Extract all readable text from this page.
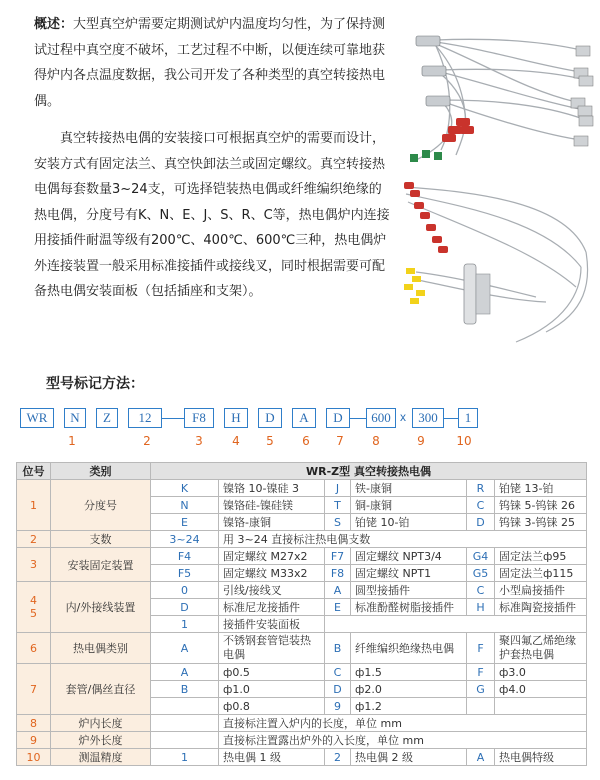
概述：大型真空炉需要定期测试炉内温度均匀性，为了保持测试过程中真空度不破坏，工艺过程不中断，以便连续可靠地获得炉内各点温度数据，我公司开发了各种类型的真空转接热电偶。

真空转接热电偶的安装接口可根据真空炉的需要而设计，安装方式有固定法兰、真空快卸法兰或固定螺纹。真空转接热电偶每套数量3~24支，可选择铠装热电偶或纤维编织绝缘的热电偶，分度号有K、N、E、J、S、R、C等，热电偶炉内连接用接插件耐温等级有200℃、400℃、600℃三种，热电偶炉外连接装置一般采用标准接插件或接线叉，同时根据需要可配备热电偶安装面板（包括插座和支架）。

型号标记方法：
WR	N	Z	12	F8	H	D	A	D	600 x 300	1
1	2	3	4	5	6	7	8	9	10
位号	类别	WR-Z型 真空转接热电偶					
1	分度号	K	镍铬 10-镍硅 3	J	铁-康铜	R	铂铑 13-铂
		N	镍铬硅-镍硅镁	T	铜-康铜	C	钨铼 5-钨铼 26
		E	镍铬-康铜	S	铂铑 10-铂	D	钨铼 3-钨铼 25
2	支数	3~24	用 3~24 直接标注热电偶支数				
3	安装固定装置	F4	固定螺纹 M27x2	F7	固定螺纹 NPT3/4	G4	固定法兰ф95
		F5	固定螺纹 M33x2	F8	固定螺纹 NPT1	G5	固定法兰ф115
4
5	内/外接线装置	0	引线/接线叉	A	圆型接插件	C	小型扁接插件
		D	标准尼龙接插件	E	标准酚醛树脂接插件	H	标准陶瓷接插件
		1	接插件安装面板				
6	热电偶类别	A	不锈钢套管铠装热电偶	B	纤维编织绝缘热电偶	F	聚四氟乙烯绝缘护套热电偶
7	套管/偶丝直径	A	ф0.5	C	ф1.5	F	ф3.0
		B	ф1.0	D	ф2.0	G	ф4.0
			ф0.8	9	ф1.2		
8	炉内长度		直接标注置入炉内的长度，单位 mm				
9	炉外长度		直接标注置露出炉外的入长度，单位 mm				
10	测温精度	1	热电偶 1 级	2	热电偶 2 级	A	热电偶特级
